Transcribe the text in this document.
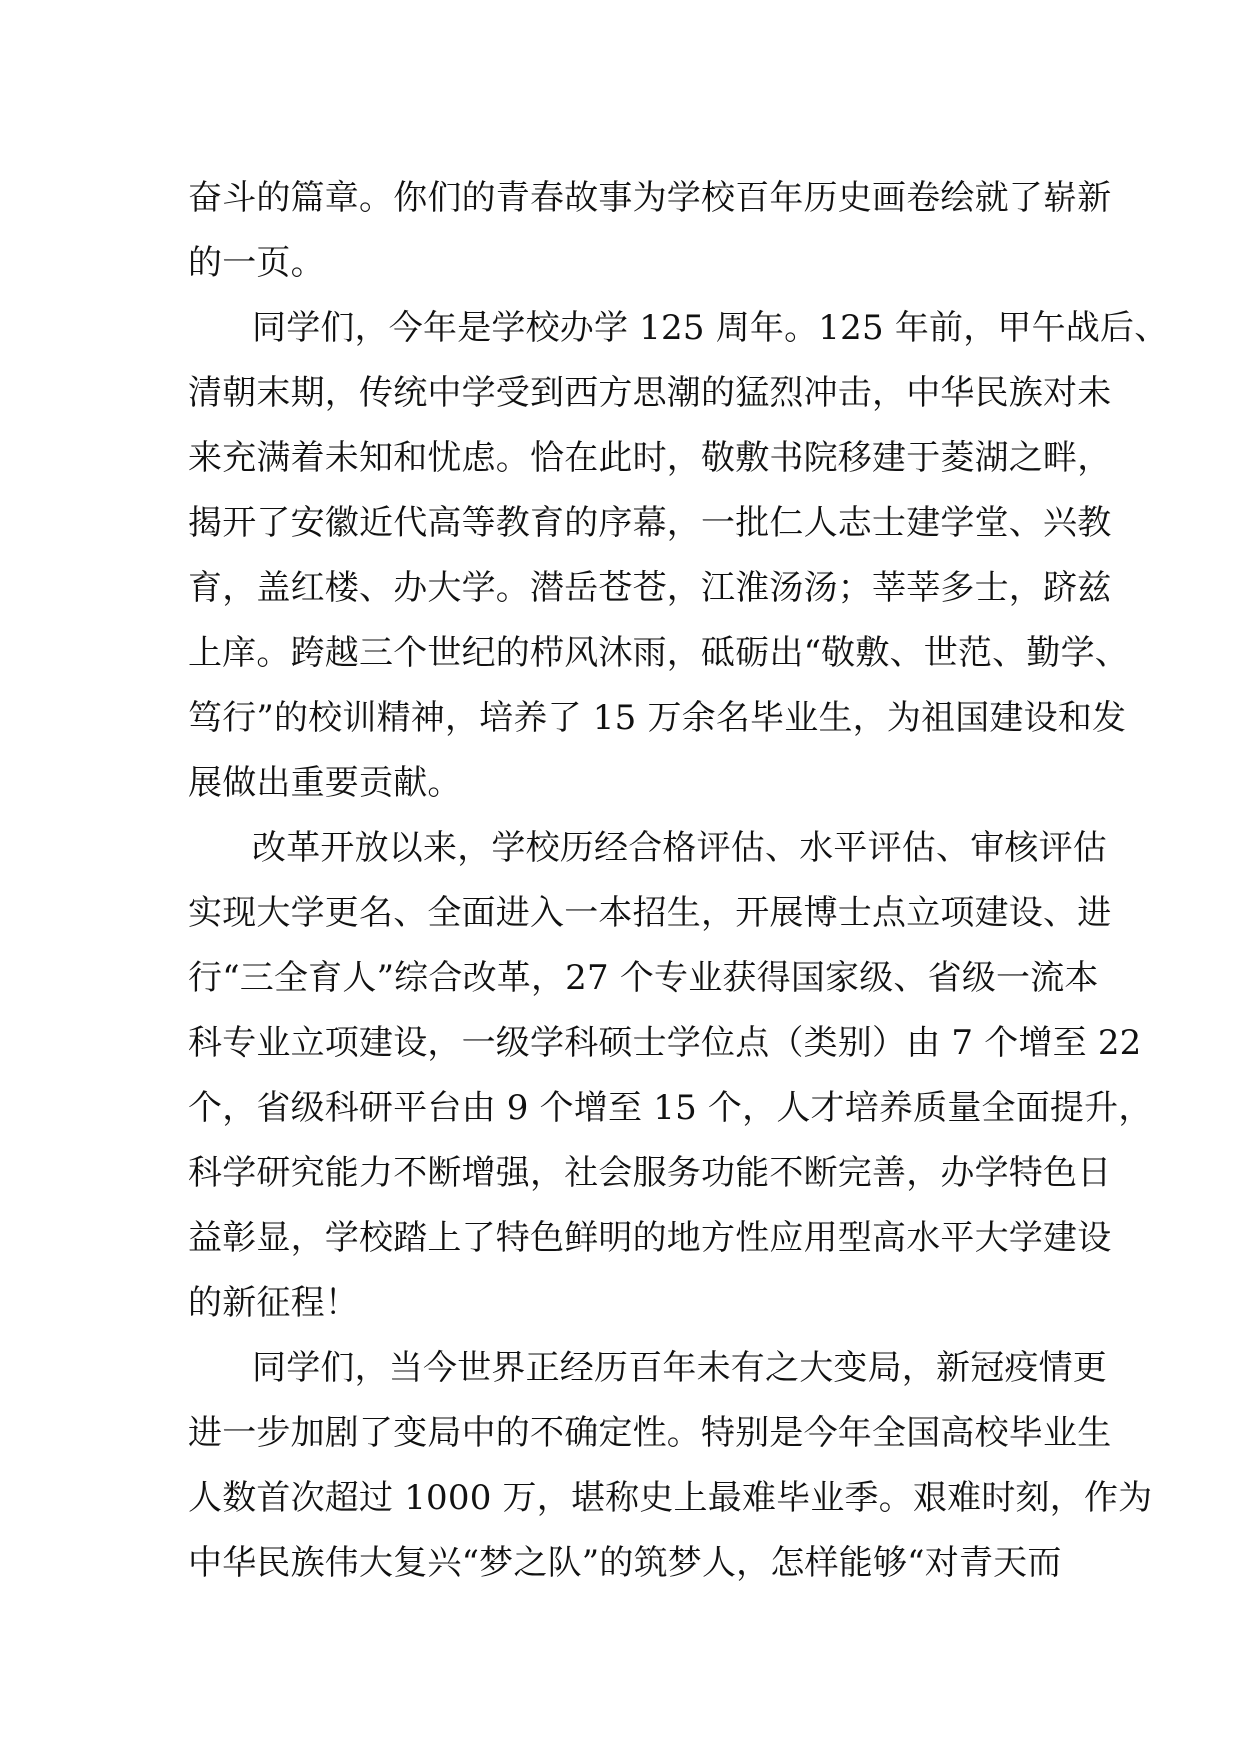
奋斗的篇章。你们的青春故事为学校百年历史画卷绘就了崭新
的一页。
同学们，今年是学校办学 125 周年。125 年前，甲午战后、
清朝末期，传统中学受到西方思潮的猛烈冲击，中华民族对未
来充满着未知和忧虑。恰在此时，敬敷书院移建于菱湖之畔，
揭开了安徽近代高等教育的序幕，一批仁人志士建学堂、兴教
育，盖红楼、办大学。潜岳苍苍，江淮汤汤；莘莘多士，跻兹
上庠。跨越三个世纪的栉风沐雨，砥砺出“敬敷、世范、勤学、
笃行”的校训精神，培养了 15 万余名毕业生，为祖国建设和发
展做出重要贡献。
改革开放以来，学校历经合格评估、水平评估、审核评估
实现大学更名、全面进入一本招生，开展博士点立项建设、进
行“三全育人”综合改革，27 个专业获得国家级、省级一流本
科专业立项建设，一级学科硕士学位点（类别）由 7 个增至 22
个，省级科研平台由 9 个增至 15 个，人才培养质量全面提升，
科学研究能力不断增强，社会服务功能不断完善，办学特色日
益彰显，学校踏上了特色鲜明的地方性应用型高水平大学建设
的新征程！
同学们，当今世界正经历百年未有之大变局，新冠疫情更
进一步加剧了变局中的不确定性。特别是今年全国高校毕业生
人数首次超过 1000 万，堪称史上最难毕业季。艰难时刻，作为
中华民族伟大复兴“梦之队”的筑梦人，怎样能够“对青天而
